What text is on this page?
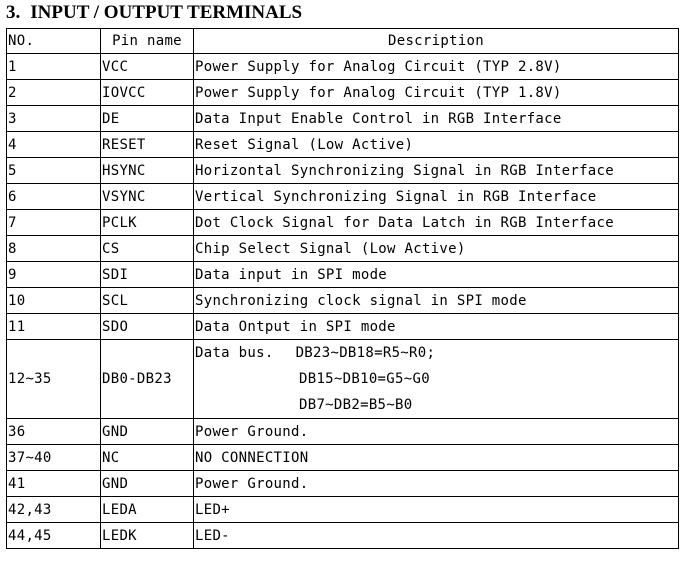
3. INPUT / OUTPUT TERMINALS
NO.	Pin name	Description
1	VCC	Power Supply for Analog Circuit (TYP 2.8V)
2	IOVCC	Power Supply for Analog Circuit (TYP 1.8V)
3	DE	Data Input Enable Control in RGB Interface
4	RESET	Reset Signal (Low Active)
5	HSYNC	Horizontal Synchronizing Signal in RGB Interface
6	VSYNC	Vertical Synchronizing Signal in RGB Interface
7	PCLK	Dot Clock Signal for Data Latch in RGB Interface
8	CS	Chip Select Signal (Low Active)
9	SDI	Data input in SPI mode
10	SCL	Synchronizing clock signal in SPI mode
11	SDO	Data Ontput in SPI mode
12~35	DB0-DB23	Data bus. DB23~DB18=R5~R0;
DB15~DB10=G5~G0
DB7~DB2=B5~B0

36	GND	Power Ground.
37~40	NC	NO CONNECTION
41	GND	Power Ground.
42,43	LEDA	LED+
44,45	LEDK	LED-
